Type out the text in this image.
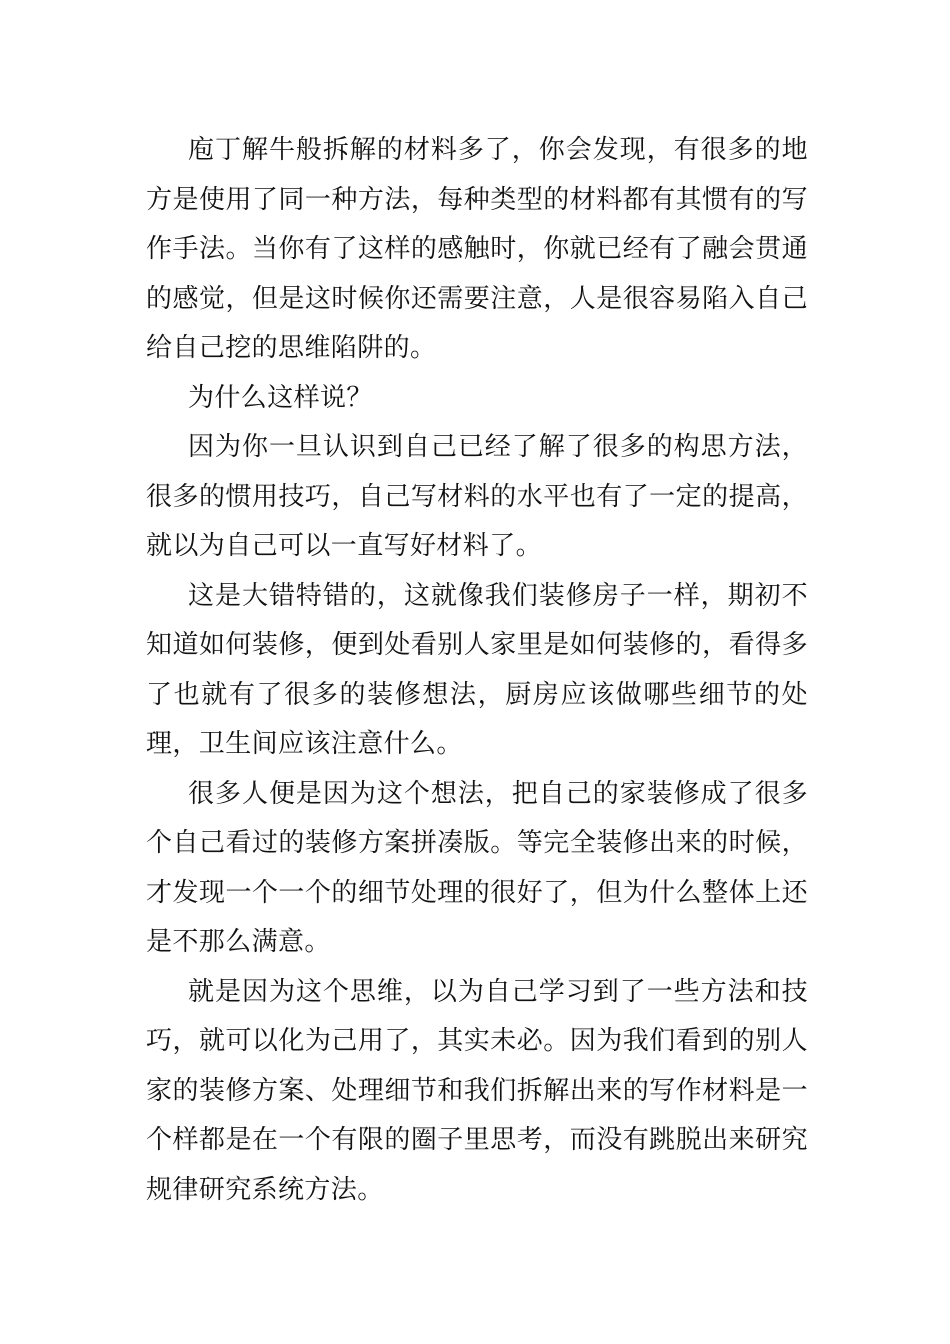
庖丁解牛般拆解的材料多了，你会发现，有很多的地方是使用了同一种方法，每种类型的材料都有其惯有的写作手法。当你有了这样的感触时，你就已经有了融会贯通的感觉，但是这时候你还需要注意，人是很容易陷入自己给自己挖的思维陷阱的。

为什么这样说？

因为你一旦认识到自己已经了解了很多的构思方法，很多的惯用技巧，自己写材料的水平也有了一定的提高，就以为自己可以一直写好材料了。

这是大错特错的，这就像我们装修房子一样，期初不知道如何装修，便到处看别人家里是如何装修的，看得多了也就有了很多的装修想法，厨房应该做哪些细节的处理，卫生间应该注意什么。

很多人便是因为这个想法，把自己的家装修成了很多个自己看过的装修方案拼凑版。等完全装修出来的时候，才发现一个一个的细节处理的很好了，但为什么整体上还是不那么满意。

就是因为这个思维，以为自己学习到了一些方法和技巧，就可以化为己用了，其实未必。因为我们看到的别人家的装修方案、处理细节和我们拆解出来的写作材料是一个样都是在一个有限的圈子里思考，而没有跳脱出来研究规律研究系统方法。
